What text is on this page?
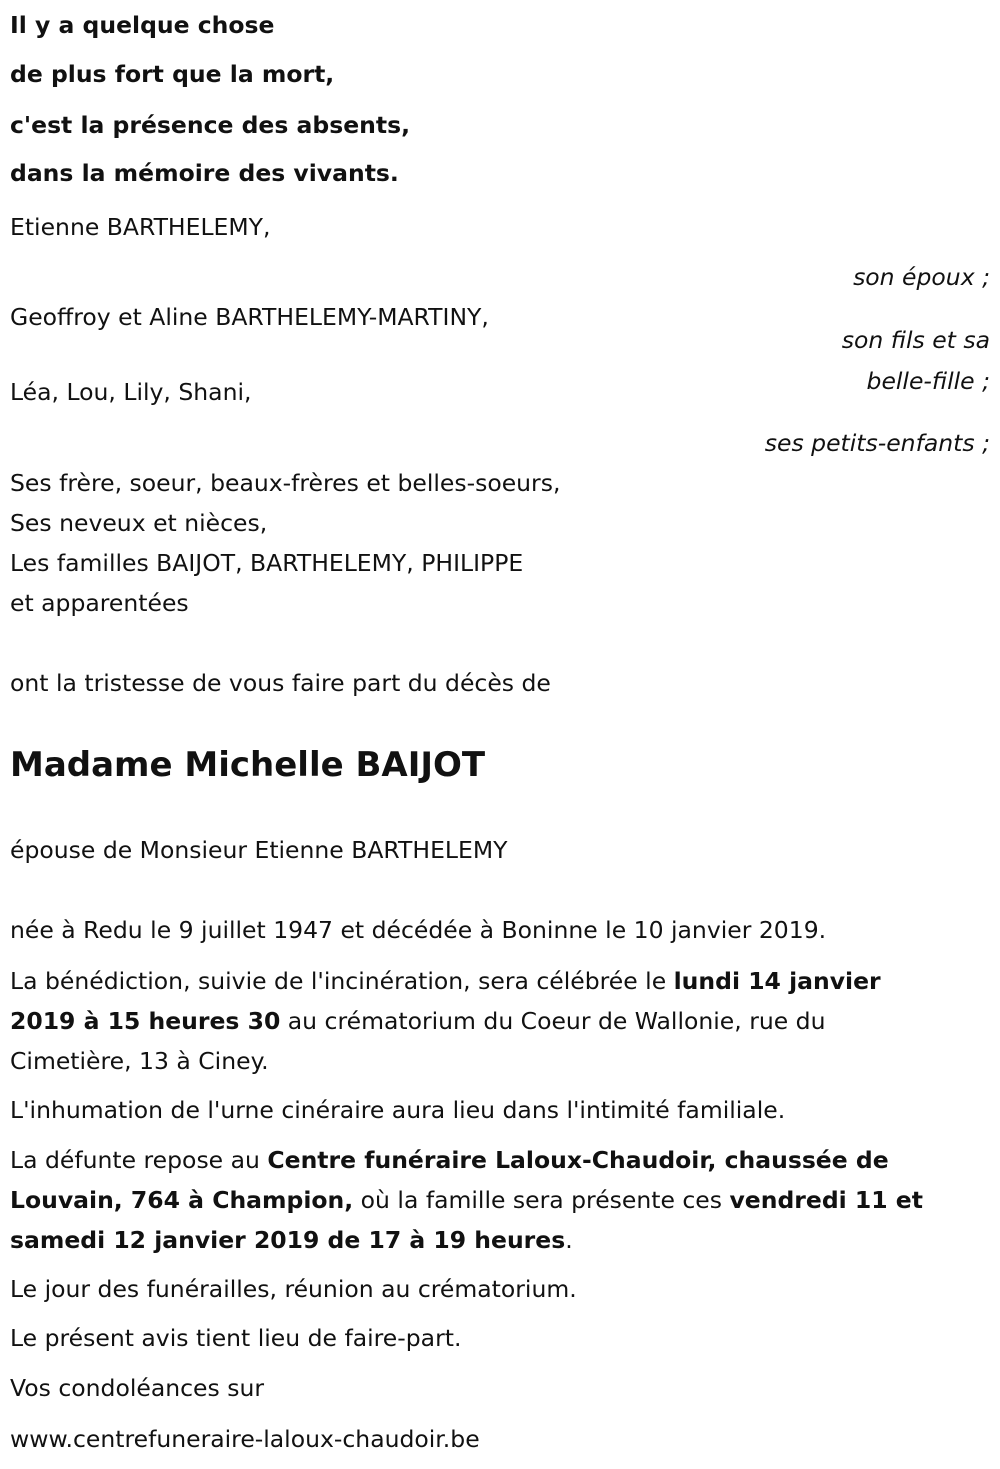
Il y a quelque chose
de plus fort que la mort,
c'est la présence des absents,
dans la mémoire des vivants.
Etienne BARTHELEMY,
son époux ;
Geoffroy et Aline BARTHELEMY-MARTINY,
son fils et sa
belle-fille ;
Léa, Lou, Lily, Shani,
ses petits-enfants ;
Ses frère, soeur, beaux-frères et belles-soeurs,
Ses neveux et nièces,
Les familles BAIJOT, BARTHELEMY, PHILIPPE
et apparentées
ont la tristesse de vous faire part du décès de
Madame Michelle BAIJOT
épouse de Monsieur Etienne BARTHELEMY
née à Redu le 9 juillet 1947 et décédée à Boninne le 10 janvier 2019.
La bénédiction, suivie de l'incinération, sera célébrée le lundi 14 janvier
2019 à 15 heures 30 au crématorium du Coeur de Wallonie, rue du
Cimetière, 13 à Ciney.
L'inhumation de l'urne cinéraire aura lieu dans l'intimité familiale.
La défunte repose au Centre funéraire Laloux-Chaudoir, chaussée de
Louvain, 764 à Champion, où la famille sera présente ces vendredi 11 et
samedi 12 janvier 2019 de 17 à 19 heures.
Le jour des funérailles, réunion au crématorium.
Le présent avis tient lieu de faire-part.
Vos condoléances sur
www.centrefuneraire-laloux-chaudoir.be
